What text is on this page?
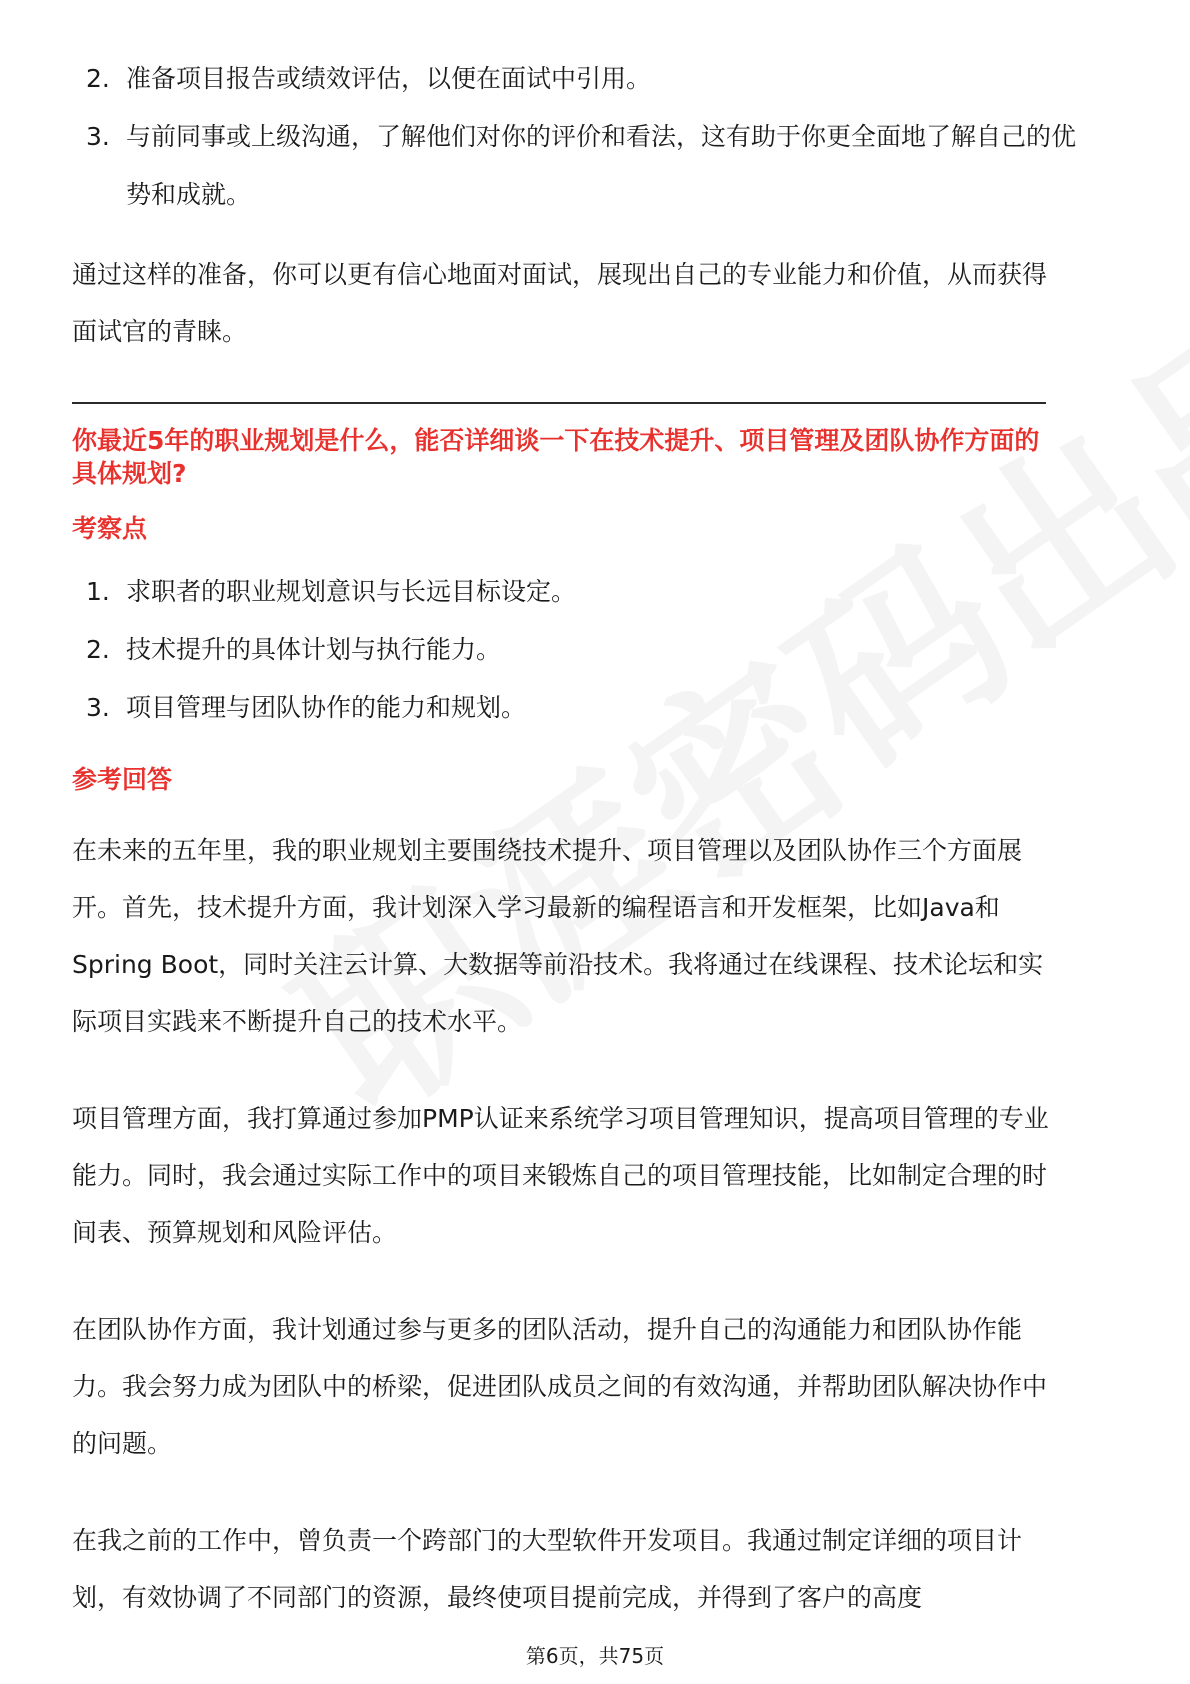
2. 准备项目报告或绩效评估，以便在面试中引用。
3. 与前同事或上级沟通，了解他们对你的评价和看法，这有助于你更全面地了解自己的优势和成就。

通过这样的准备，你可以更有信心地面对面试，展现出自己的专业能力和价值，从而获得面试官的青睐。

你最近5年的职业规划是什么，能否详细谈一下在技术提升、项目管理及团队协作方面的具体规划?

考察点

1. 求职者的职业规划意识与长远目标设定。
2. 技术提升的具体计划与执行能力。
3. 项目管理与团队协作的能力和规划。

参考回答

在未来的五年里，我的职业规划主要围绕技术提升、项目管理以及团队协作三个方面展开。首先，技术提升方面，我计划深入学习最新的编程语言和开发框架，比如Java和Spring Boot，同时关注云计算、大数据等前沿技术。我将通过在线课程、技术论坛和实际项目实践来不断提升自己的技术水平。

项目管理方面，我打算通过参加PMP认证来系统学习项目管理知识，提高项目管理的专业能力。同时，我会通过实际工作中的项目来锻炼自己的项目管理技能，比如制定合理的时间表、预算规划和风险评估。

在团队协作方面，我计划通过参与更多的团队活动，提升自己的沟通能力和团队协作能力。我会努力成为团队中的桥梁，促进团队成员之间的有效沟通，并帮助团队解决协作中的问题。

在我之前的工作中，曾负责一个跨部门的大型软件开发项目。我通过制定详细的项目计划，有效协调了不同部门的资源，最终使项目提前完成，并得到了客户的高度

第6页，共75页
